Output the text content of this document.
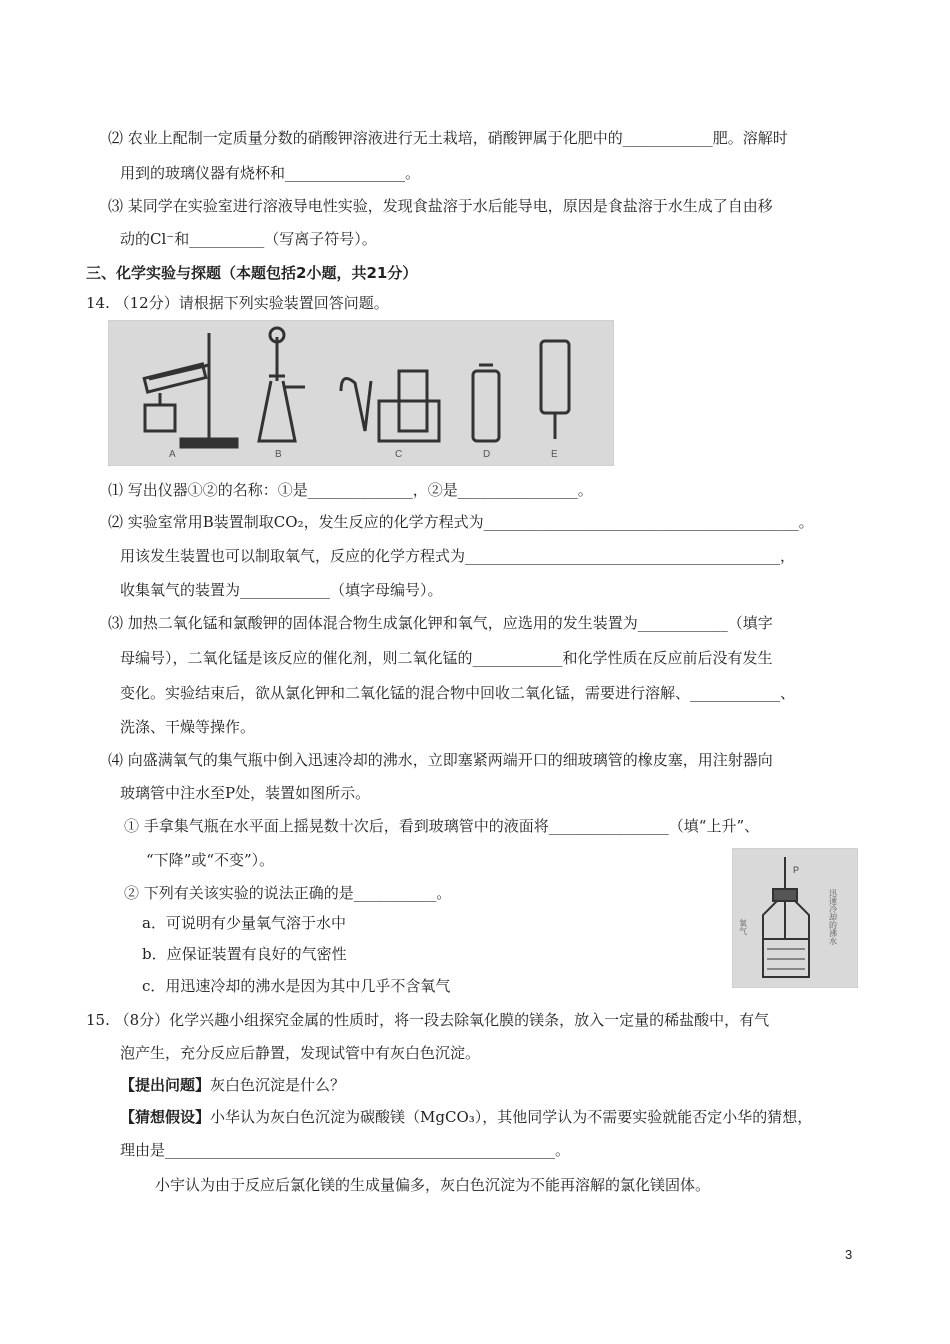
⑵ 农业上配制一定质量分数的硝酸钾溶液进行无土栽培，硝酸钾属于化肥中的____________肥。溶解时
用到的玻璃仪器有烧杯和________________。
⑶ 某同学在实验室进行溶液导电性实验，发现食盐溶于水后能导电，原因是食盐溶于水生成了自由移
动的Cl⁻和__________（写离子符号）。
三、化学实验与探题（本题包括2小题，共21分）
14. （12分）请根据下列实验装置回答问题。
A	B	C	D	E
⑴ 写出仪器①②的名称：①是______________，②是________________。
⑵ 实验室常用B装置制取CO₂，发生反应的化学方程式为__________________________________________。
用该发生装置也可以制取氧气，反应的化学方程式为__________________________________________，
收集氧气的装置为____________（填字母编号）。
⑶ 加热二氧化锰和氯酸钾的固体混合物生成氯化钾和氧气，应选用的发生装置为____________（填字
母编号），二氧化锰是该反应的催化剂，则二氧化锰的____________和化学性质在反应前后没有发生
变化。实验结束后，欲从氯化钾和二氧化锰的混合物中回收二氧化锰，需要进行溶解、____________、
洗涤、干燥等操作。
⑷ 向盛满氧气的集气瓶中倒入迅速冷却的沸水，立即塞紧两端开口的细玻璃管的橡皮塞，用注射器向
玻璃管中注水至P处，装置如图所示。
① 手拿集气瓶在水平面上摇晃数十次后，看到玻璃管中的液面将________________（填“上升”、
“下降”或“不变”）。
② 下列有关该实验的说法正确的是___________。
a．可说明有少量氧气溶于水中
b．应保证装置有良好的气密性
c．用迅速冷却的沸水是因为其中几乎不含氧气
P
氧气	迅速冷却的沸水
15. （8分）化学兴趣小组探究金属的性质时，将一段去除氧化膜的镁条，放入一定量的稀盐酸中，有气
泡产生，充分反应后静置，发现试管中有灰白色沉淀。
【提出问题】灰白色沉淀是什么？
【猜想假设】小华认为灰白色沉淀为碳酸镁（MgCO₃），其他同学认为不需要实验就能否定小华的猜想，
理由是____________________________________________________。
小宇认为由于反应后氯化镁的生成量偏多，灰白色沉淀为不能再溶解的氯化镁固体。
3
